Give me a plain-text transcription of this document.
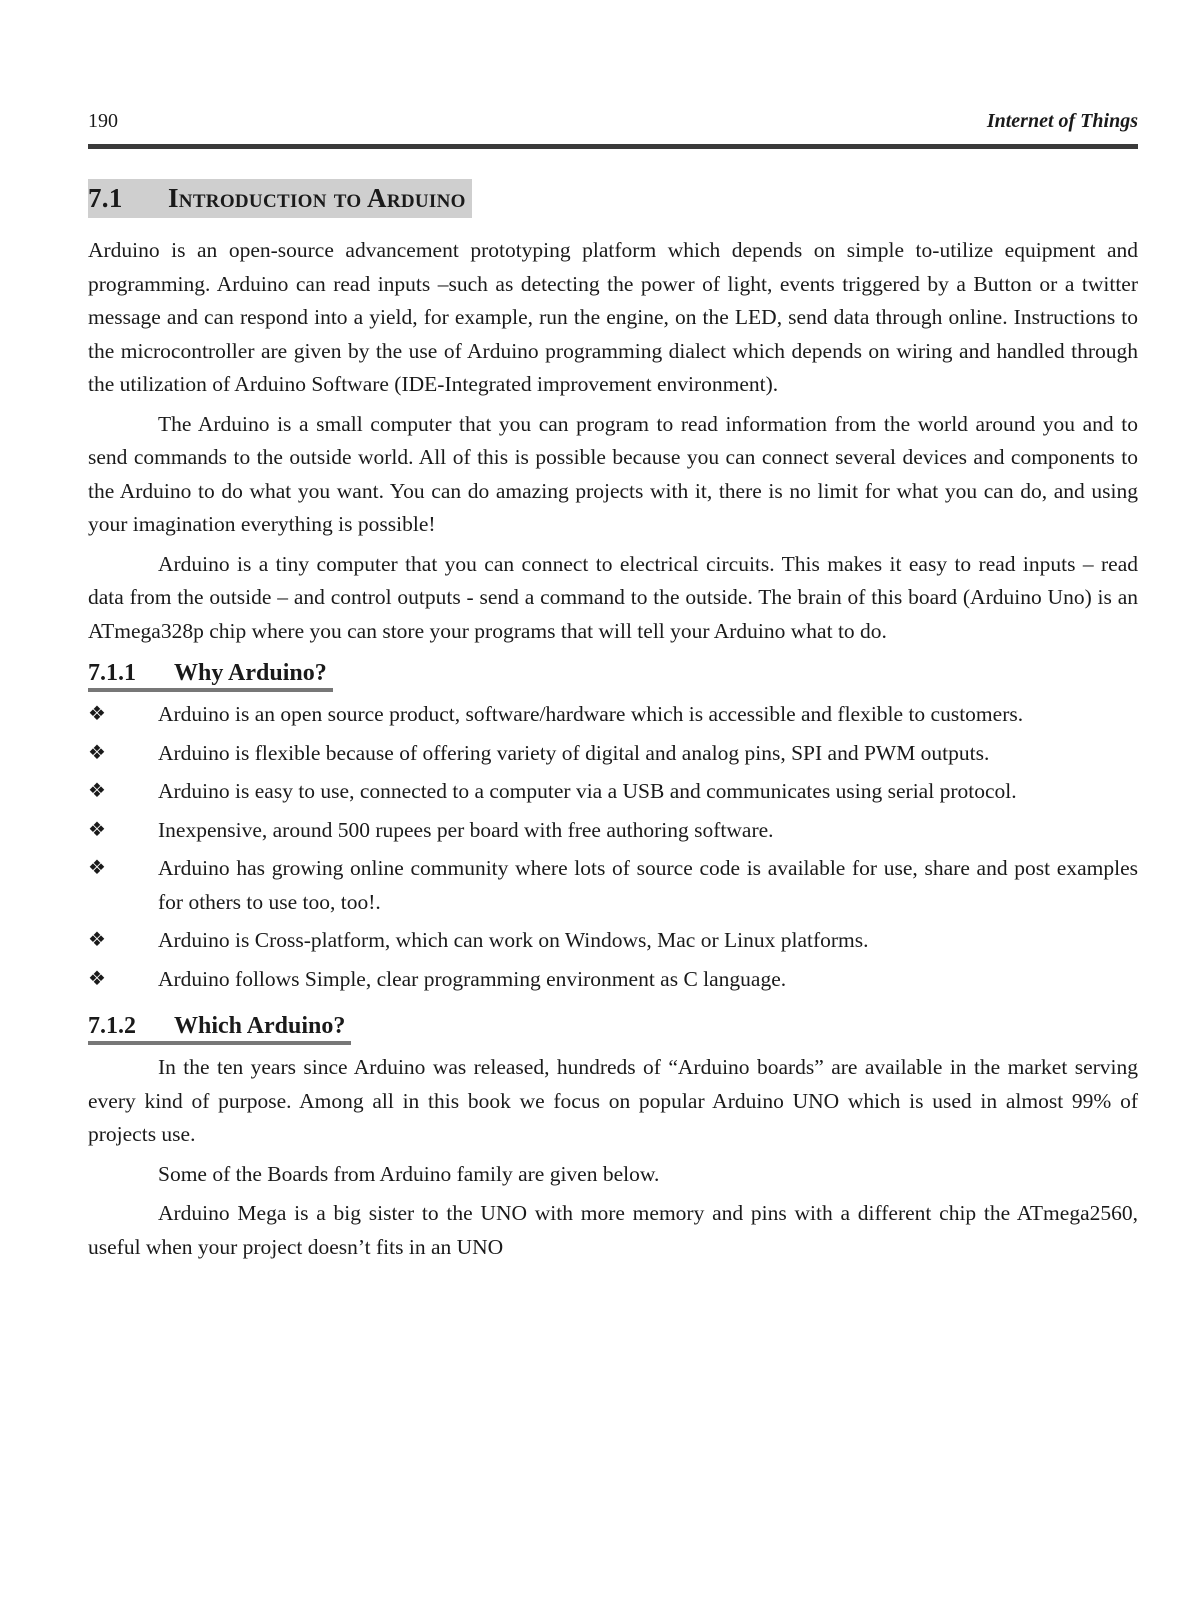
190	Internet of Things
7.1 Introduction to Arduino

Arduino is an open-source advancement prototyping platform which depends on simple to-utilize equipment and programming. Arduino can read inputs –such as detecting the power of light, events triggered by a Button or a twitter message and can respond into a yield, for example, run the engine, on the LED, send data through online. Instructions to the microcontroller are given by the use of Arduino programming dialect which depends on wiring and handled through the utilization of Arduino Software (IDE-Integrated improvement environment).

The Arduino is a small computer that you can program to read information from the world around you and to send commands to the outside world. All of this is possible because you can connect several devices and components to the Arduino to do what you want. You can do amazing projects with it, there is no limit for what you can do, and using your imagination everything is possible!

Arduino is a tiny computer that you can connect to electrical circuits. This makes it easy to read inputs – read data from the outside – and control outputs - send a command to the outside. The brain of this board (Arduino Uno) is an ATmega328p chip where you can store your programs that will tell your Arduino what to do.

7.1.1 Why Arduino?
❖ Arduino is an open source product, software/hardware which is accessible and flexible to customers.
❖ Arduino is flexible because of offering variety of digital and analog pins, SPI and PWM outputs.
❖ Arduino is easy to use, connected to a computer via a USB and communicates using serial protocol.
❖ Inexpensive, around 500 rupees per board with free authoring software.
❖ Arduino has growing online community where lots of source code is available for use, share and post examples for others to use too, too!.
❖ Arduino is Cross-platform, which can work on Windows, Mac or Linux platforms.
❖ Arduino follows Simple, clear programming environment as C language.
7.1.2 Which Arduino?

In the ten years since Arduino was released, hundreds of “Arduino boards” are available in the market serving every kind of purpose. Among all in this book we focus on popular Arduino UNO which is used in almost 99% of projects use.

Some of the Boards from Arduino family are given below.

Arduino Mega is a big sister to the UNO with more memory and pins with a different chip the ATmega2560, useful when your project doesn’t fits in an UNO
